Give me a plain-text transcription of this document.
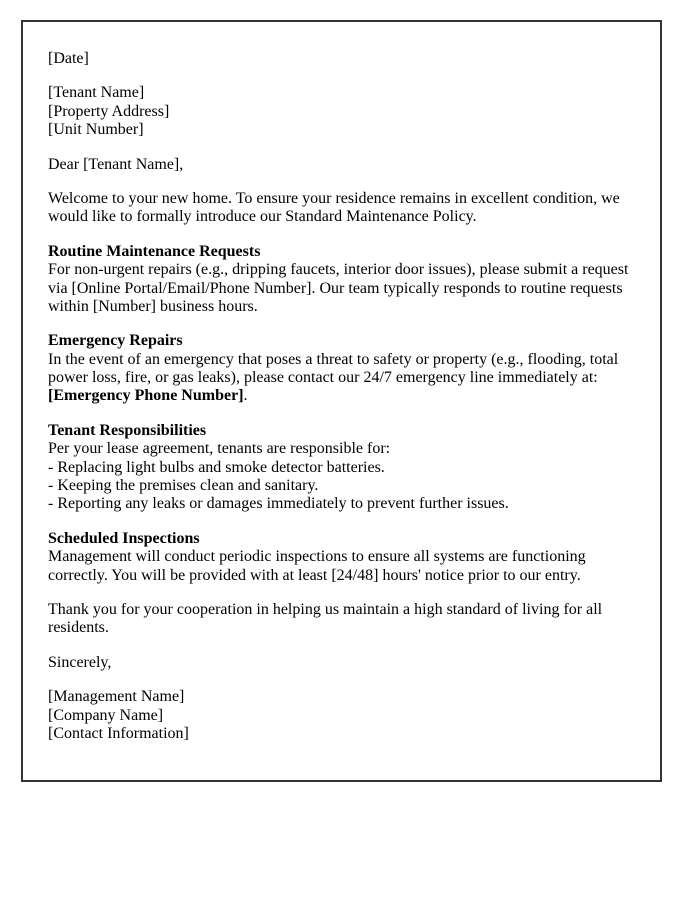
[Date]

[Tenant Name]
[Property Address]
[Unit Number]

Dear [Tenant Name],

Welcome to your new home. To ensure your residence remains in excellent condition, we would like to formally introduce our Standard Maintenance Policy.

Routine Maintenance Requests
For non-urgent repairs (e.g., dripping faucets, interior door issues), please submit a request via [Online Portal/Email/Phone Number]. Our team typically responds to routine requests within [Number] business hours.

Emergency Repairs
In the event of an emergency that poses a threat to safety or property (e.g., flooding, total power loss, fire, or gas leaks), please contact our 24/7 emergency line immediately at: [Emergency Phone Number].

Tenant Responsibilities
Per your lease agreement, tenants are responsible for:
- Replacing light bulbs and smoke detector batteries.
- Keeping the premises clean and sanitary.
- Reporting any leaks or damages immediately to prevent further issues.

Scheduled Inspections
Management will conduct periodic inspections to ensure all systems are functioning correctly. You will be provided with at least [24/48] hours' notice prior to our entry.

Thank you for your cooperation in helping us maintain a high standard of living for all residents.

Sincerely,

[Management Name]
[Company Name]
[Contact Information]
